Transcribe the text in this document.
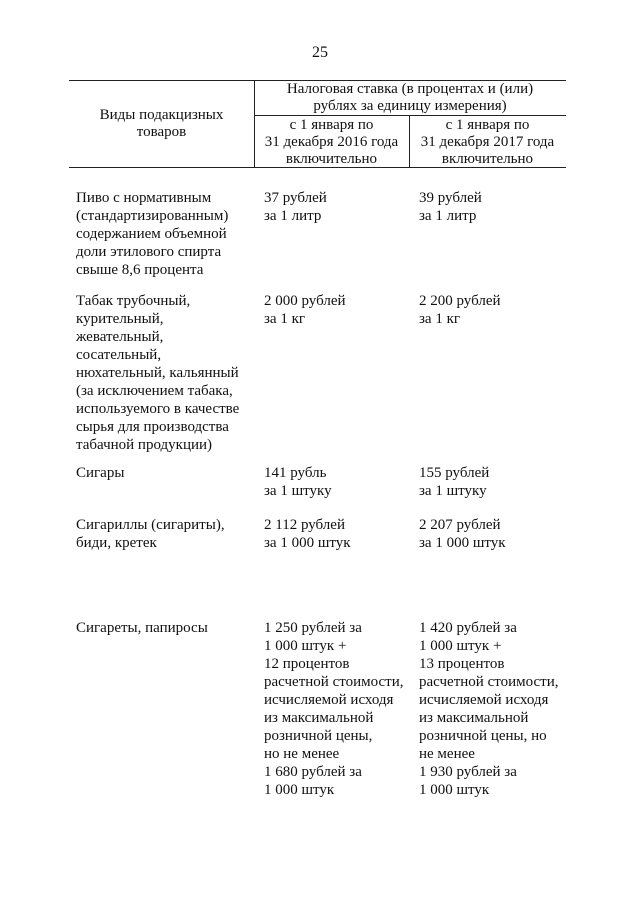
25
Виды подакцизных
товаров
Налоговая ставка (в процентах и (или)
рублях за единицу измерения)
с 1 января по
31 декабря 2016 года
включительно
с 1 января по
31 декабря 2017 года
включительно
Пиво с нормативным
(стандартизированным)
содержанием объемной
доли этилового спирта
свыше 8,6 процента
37 рублей
за 1 литр
39 рублей
за 1 литр
Табак трубочный,
курительный,
жевательный,
сосательный,
нюхательный, кальянный
(за исключением табака,
используемого в качестве
сырья для производства
табачной продукции)
2 000 рублей
за 1 кг
2 200 рублей
за 1 кг
Сигары	141 рубль
за 1 штуку
155 рублей
за 1 штуку
Сигариллы (сигариты),
биди, кретек
2 112 рублей
за 1 000 штук
2 207 рублей
за 1 000 штук
Сигареты, папиросы	1 250 рублей за
1 000 штук +
12 процентов
расчетной стоимости,
исчисляемой исходя
из максимальной
розничной цены,
но не менее
1 680 рублей за
1 000 штук
1 420 рублей за
1 000 штук +
13 процентов
расчетной стоимости,
исчисляемой исходя
из максимальной
розничной цены, но
не менее
1 930 рублей за
1 000 штук
